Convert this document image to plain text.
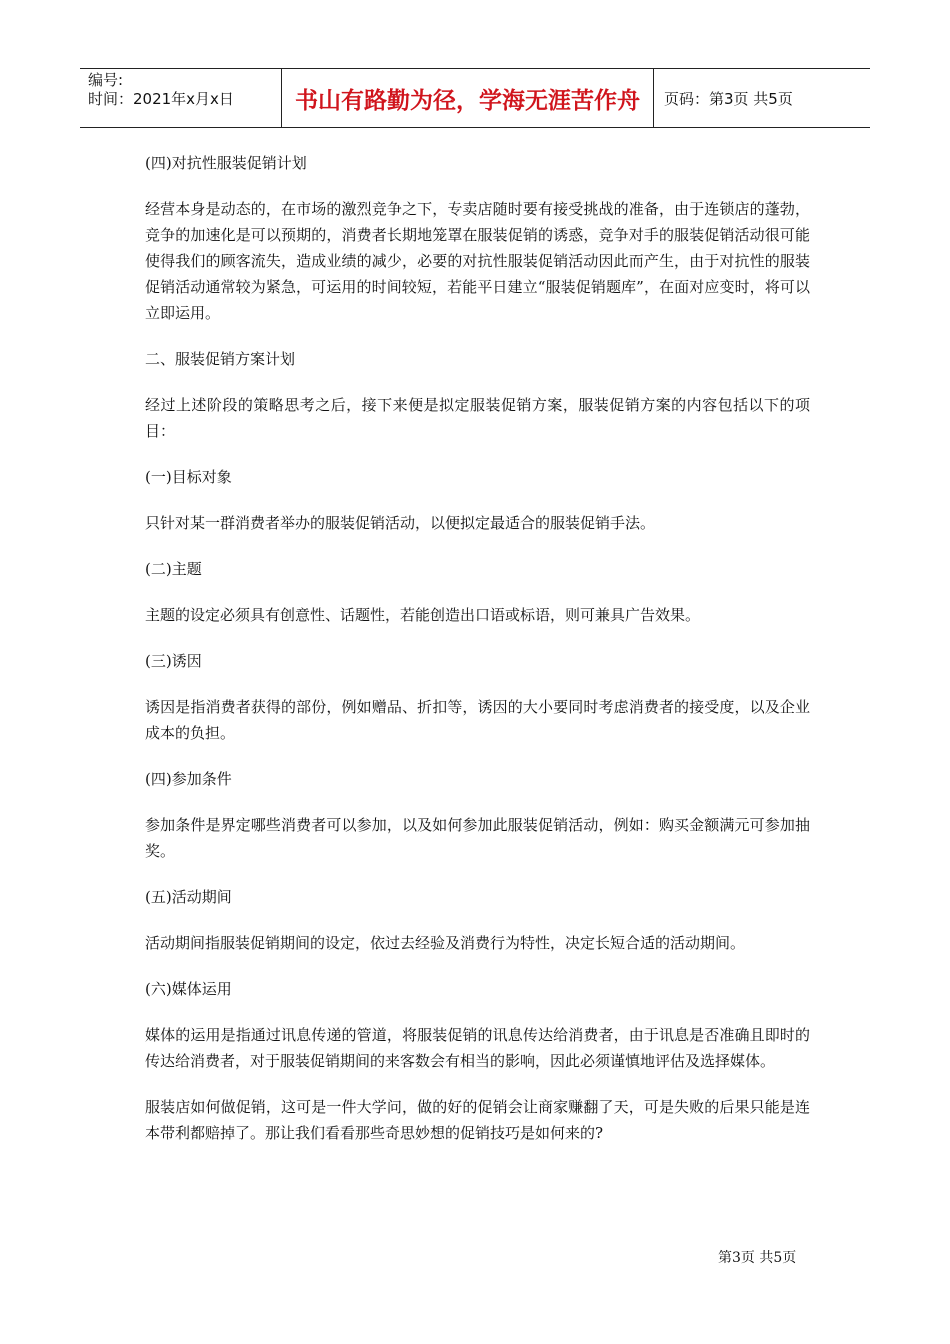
编号:
时间：2021年x月x日	书山有路勤为径，学海无涯苦作舟	页码：第3页 共5页

(四)对抗性服装促销计划

经营本身是动态的，在市场的激烈竞争之下，专卖店随时要有接受挑战的准备，由于连锁店的蓬勃，竞争的加速化是可以预期的，消费者长期地笼罩在服装促销的诱惑，竞争对手的服装促销活动很可能使得我们的顾客流失，造成业绩的减少，必要的对抗性服装促销活动因此而产生，由于对抗性的服装促销活动通常较为紧急，可运用的时间较短，若能平日建立“服装促销题库”，在面对应变时，将可以立即运用。

二、服装促销方案计划

经过上述阶段的策略思考之后，接下来便是拟定服装促销方案，服装促销方案的内容包括以下的项目：

(一)目标对象

只针对某一群消费者举办的服装促销活动，以便拟定最适合的服装促销手法。

(二)主题

主题的设定必须具有创意性、话题性，若能创造出口语或标语，则可兼具广告效果。

(三)诱因

诱因是指消费者获得的部份，例如赠品、折扣等，诱因的大小要同时考虑消费者的接受度，以及企业成本的负担。

(四)参加条件

参加条件是界定哪些消费者可以参加，以及如何参加此服装促销活动，例如：购买金额满元可参加抽奖。

(五)活动期间

活动期间指服装促销期间的设定，依过去经验及消费行为特性，决定长短合适的活动期间。

(六)媒体运用

媒体的运用是指通过讯息传递的管道，将服装促销的讯息传达给消费者，由于讯息是否准确且即时的传达给消费者，对于服装促销期间的来客数会有相当的影响，因此必须谨慎地评估及选择媒体。

服装店如何做促销，这可是一件大学问，做的好的促销会让商家赚翻了天，可是失败的后果只能是连本带利都赔掉了。那让我们看看那些奇思妙想的促销技巧是如何来的?

第3页 共5页
